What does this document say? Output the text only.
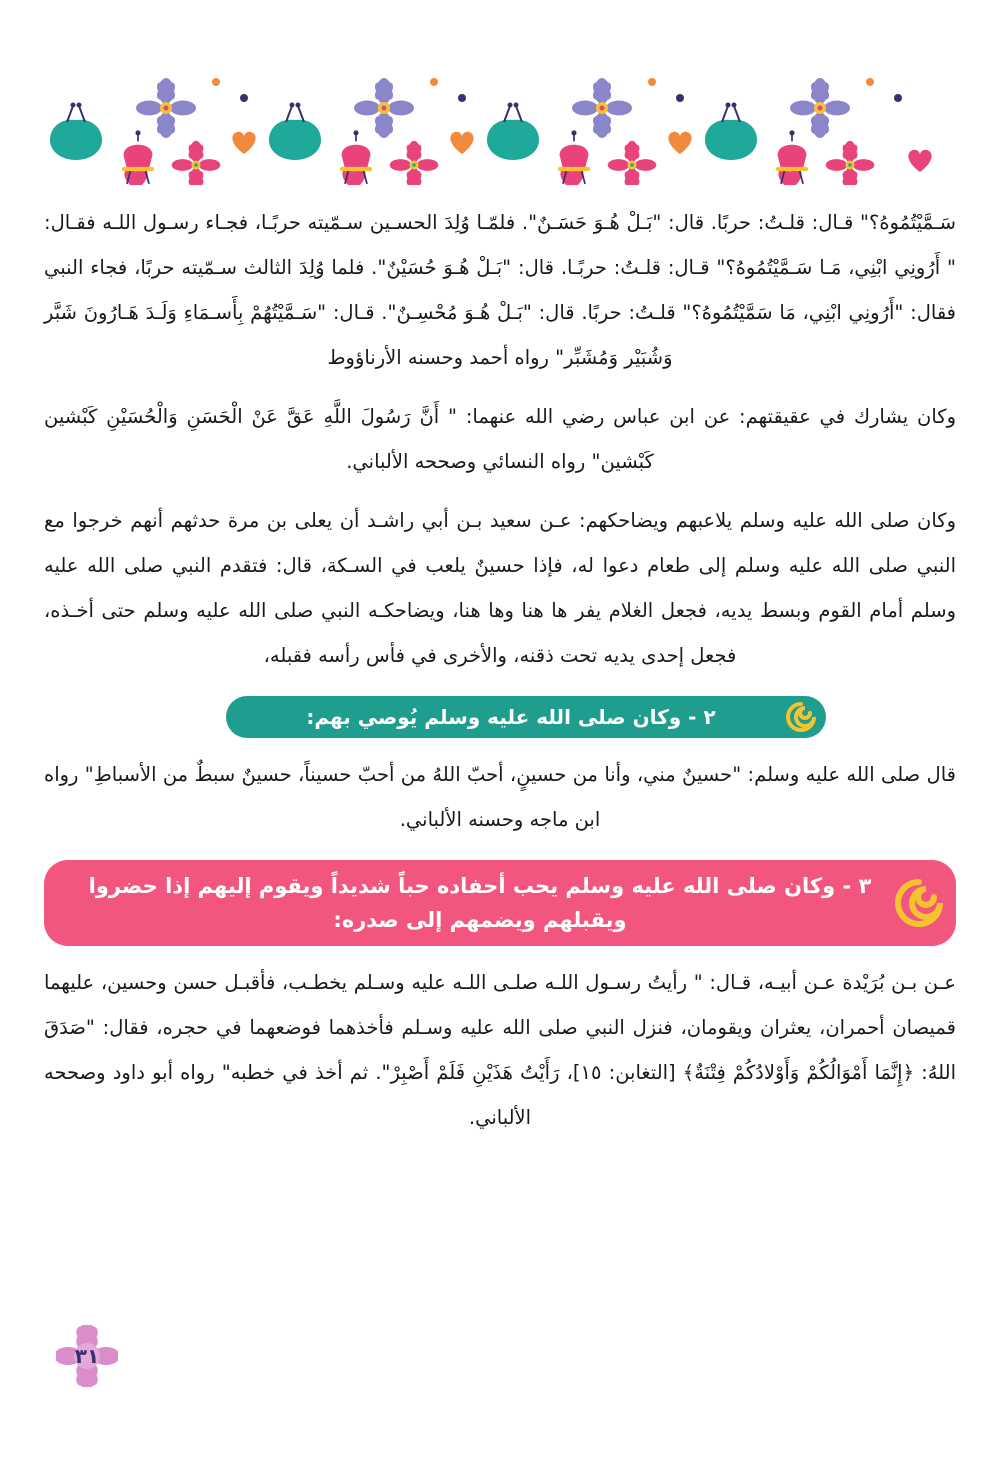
سَـمَّيْتُمُوهُ؟" قـال: قلـتُ: حربًا. قال: "بَـلْ هُـوَ حَسَـنٌ". فلمّـا وُلِدَ الحسـين سـمّيته حربًـا، فجـاء رسـول اللـه فقـال: " أَرُونِي ابْنِي، مَـا سَـمَّيْتُمُوهُ؟" قـال: قلـتُ: حربًـا. قال: "بَـلْ هُـوَ حُسَيْنٌ". فلما وُلِدَ الثالث سـمّيته حربًا، فجاء النبي فقال: "أَرُونِي ابْنِي، مَا سَمَّيْتُمُوهُ؟" قلـتُ: حربًا. قال: "بَـلْ هُـوَ مُحْسِـنٌ". قـال: "سَـمَّيْتُهُمْ بِأَسـمَاءِ وَلَـدَ هَـارُونَ شَبَّر وَشُبَيْر وَمُشَبِّر" رواه أحمد وحسنه الأرناؤوط

وكان يشارك في عقيقتهم: عن ابن عباس رضي الله عنهما: " أَنَّ رَسُولَ اللَّهِ عَقَّ عَنْ الْحَسَنِ وَالْحُسَيْنِ كَبْشين كَبْشين" رواه النسائي وصححه الألباني.

وكان صلى الله عليه وسلم يلاعبهم ويضاحكهم: عـن سعيد بـن أبي راشـد أن يعلى بن مرة حدثهم أنهم خرجوا مع النبي صلى الله عليه وسلم إلى طعام دعوا له، فإذا حسينٌ يلعب في السـكة، قال: فتقدم النبي صلى الله عليه وسلم أمام القوم وبسط يديه، فجعل الغلام يفر ها هنا وها هنا، ويضاحكـه النبي صلى الله عليه وسلم حتى أخـذه، فجعل إحدى يديه تحت ذقنه، والأخرى في فأس رأسه فقبله،

٢ - وكان صلى الله عليه وسلم يُوصي بهم:

قال صلى الله عليه وسلم: "حسينٌ مني، وأنا من حسينٍ، أحبّ اللهُ من أحبّ حسيناً، حسينٌ سبطٌ من الأسباطِ" رواه ابن ماجه وحسنه الألباني.

٣ - وكان صلى الله عليه وسلم يحب أحفاده حباً شديداً ويقوم إليهم إذا حضروا ويقبلهم ويضمهم إلى صدره:

عـن بـن بُرَيْدة عـن أبيـه، قـال: " رأيتُ رسـول اللـه صلـى اللـه عليه وسـلم يخطـب، فأقبـل حسن وحسين، عليهما قميصان أحمران، يعثران ويقومان، فنزل النبي صلى الله عليه وسـلم فأخذهما فوضعهما في حجره، فقال: "صَدَقَ اللهُ: ﴿إِنَّمَا أَمْوَالُكُمْ وَأَوْلادُكُمْ فِتْنَةٌ﴾ [التغابن: ١٥]، رَأَيْتُ هَذَيْنِ فَلَمْ أَصْبِرْ". ثم أخذ في خطبه" رواه أبو داود وصححه الألباني.

٣١
